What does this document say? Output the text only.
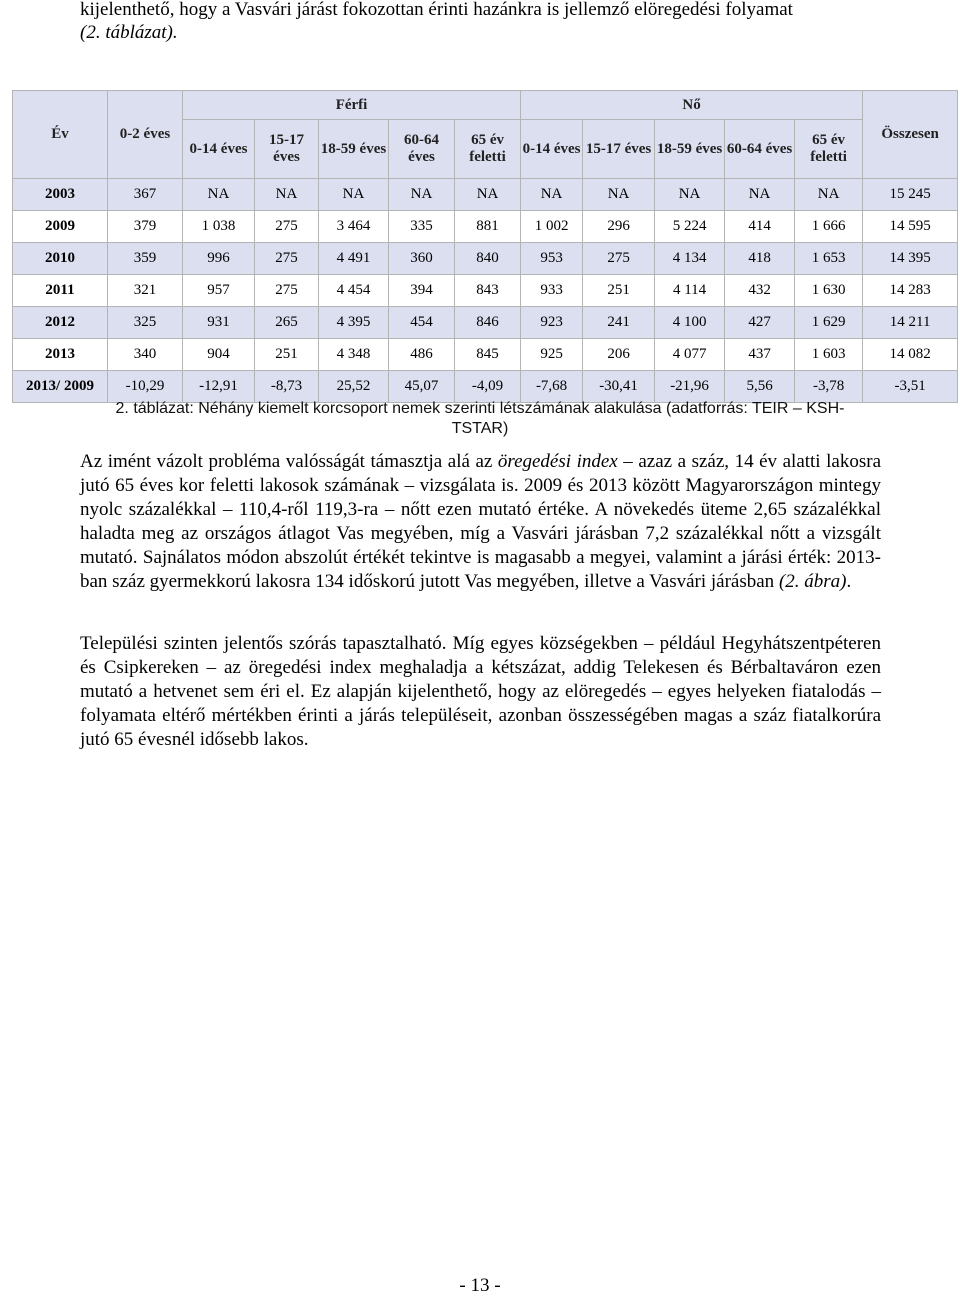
kijelenthető, hogy a Vasvári járást fokozottan érinti hazánkra is jellemző elöregedési folyamat
(2. táblázat).

Év	0-2 éves	Férfi					Nő					Összesen
		0-14 éves	15-17 éves	18-59 éves	60-64 éves	65 év feletti	0-14 éves	15-17 éves	18-59 éves	60-64 éves	65 év feletti	
2003	367	NA	NA	NA	NA	NA	NA	NA	NA	NA	NA	15 245
2009	379	1 038	275	3 464	335	881	1 002	296	5 224	414	1 666	14 595
2010	359	996	275	4 491	360	840	953	275	4 134	418	1 653	14 395
2011	321	957	275	4 454	394	843	933	251	4 114	432	1 630	14 283
2012	325	931	265	4 395	454	846	923	241	4 100	427	1 629	14 211
2013	340	904	251	4 348	486	845	925	206	4 077	437	1 603	14 082
2013/ 2009	-10,29	-12,91	-8,73	25,52	45,07	-4,09	-7,68	-30,41	-21,96	5,56	-3,78	-3,51
2. táblázat: Néhány kiemelt korcsoport nemek szerinti létszámának alakulása (adatforrás: TEIR – KSH-TSTAR)

Az imént vázolt probléma valósságát támasztja alá az öregedési index – azaz a száz, 14 év alatti lakosra jutó 65 éves kor feletti lakosok számának – vizsgálata is. 2009 és 2013 között Magyarországon mintegy nyolc százalékkal – 110,4-ről 119,3-ra – nőtt ezen mutató értéke. A növekedés üteme 2,65 százalékkal haladta meg az országos átlagot Vas megyében, míg a Vasvári járásban 7,2 százalékkal nőtt a vizsgált mutató. Sajnálatos módon abszolút értékét tekintve is magasabb a megyei, valamint a járási érték: 2013-ban száz gyermekkorú lakosra 134 időskorú jutott Vas megyében, illetve a Vasvári járásban (2. ábra).

Települési szinten jelentős szórás tapasztalható. Míg egyes községekben – például Hegyhátszentpéteren és Csipkereken – az öregedési index meghaladja a kétszázat, addig Telekesen és Bérbaltaváron ezen mutató a hetvenet sem éri el. Ez alapján kijelenthető, hogy az elöregedés – egyes helyeken fiatalodás – folyamata eltérő mértékben érinti a járás településeit, azonban összességében magas a száz fiatalkorúra jutó 65 évesnél idősebb lakos.

- 13 -
